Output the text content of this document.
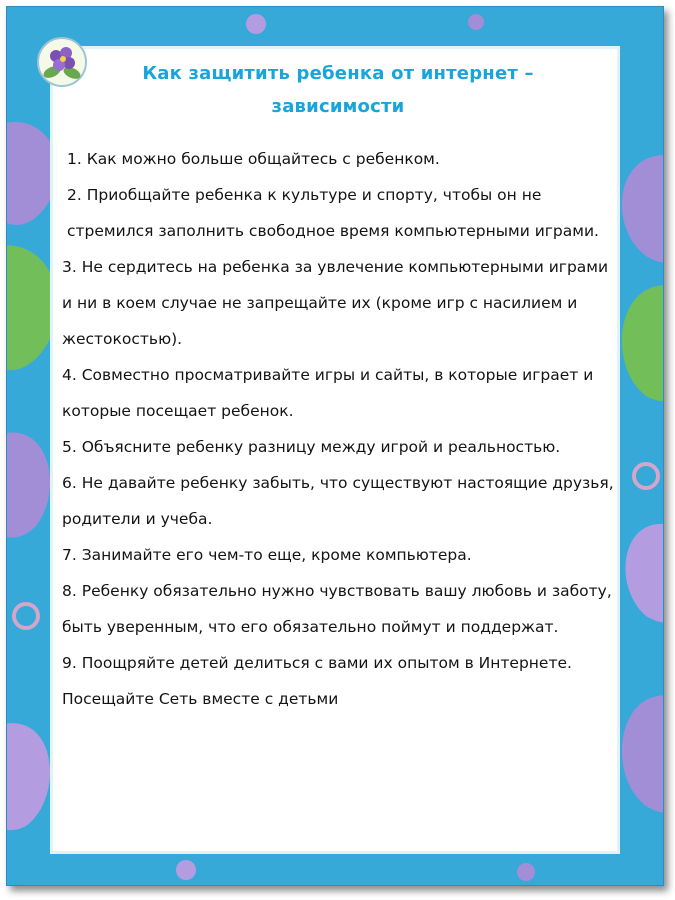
Как защитить ребенка от интернет –
зависимости
1. Как можно больше общайтесь с ребенком.
2. Приобщайте ребенка к культуре и спорту, чтобы он не стремился заполнить свободное время компьютерными играми.
3. Не сердитесь на ребенка за увлечение компьютерными играми и ни в коем случае не запрещайте их (кроме игр с насилием и жестокостью).
4. Совместно просматривайте игры и сайты, в которые играет и которые посещает ребенок.
5. Объясните ребенку разницу между игрой и реальностью.
6. Не давайте ребенку забыть, что существуют настоящие друзья, родители и учеба.
7. Занимайте его чем-то еще, кроме компьютера.
8. Ребенку обязательно нужно чувствовать вашу любовь и заботу, быть уверенным, что его обязательно поймут и поддержат.
9. Поощряйте детей делиться с вами их опытом в Интернете. Посещайте Сеть вместе с детьми
